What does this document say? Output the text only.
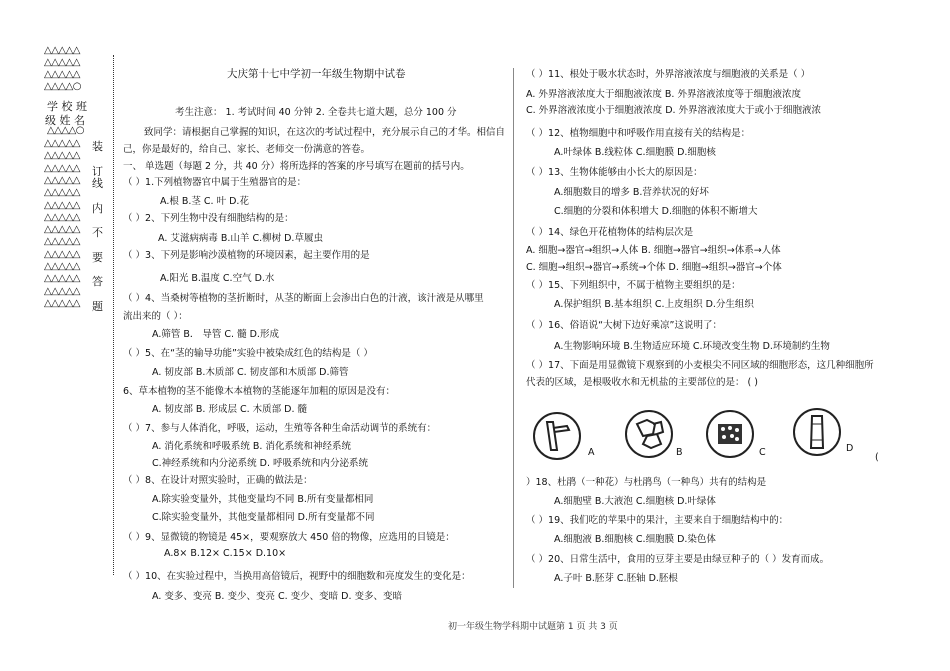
△△△△△
△△△△△
△△△△△
△△△△○
学 校 班
级 姓 名
△△△△○
△△△△△ 装
△△△△△
△△△△△ 订
△△△△△ 线
△△△△△
△△△△△ 内
△△△△△
△△△△△ 不
△△△△△
△△△△△ 要
△△△△△
△△△△△ 答
△△△△△
△△△△△ 题
大庆第十七中学初一年级生物期中试卷
考生注意： 1. 考试时间 40 分钟 2. 全卷共七道大题，总分 100 分
致同学：请根据自己掌握的知识，在这次的考试过程中，充分展示自己的才华。相信自
己，你是最好的，给自己、家长、老师交一份满意的答卷。
一、 单选题（每题 2 分，共 40 分）将所选择的答案的序号填写在题前的括号内。
（ ）1.下列植物器官中属于生殖器官的是：
A.根 B.茎 C. 叶 D.花
（ ）2、下列生物中没有细胞结构的是：
A. 艾滋病病毒 B.山羊 C.柳树 D.草履虫
（ ）3、下列是影响沙漠植物的环境因素，起主要作用的是
A.阳光 B.温度 C.空气 D.水
（ ）4、当桑树等植物的茎折断时，从茎的断面上会渗出白色的汁液，该汁液是从哪里
流出来的（ ）：
A.筛管 B． 导管 C. 髓 D.形成
（ ）5、在“茎的输导功能”实验中被染成红色的结构是（ ）
A. 韧皮部 B.木质部 C. 韧皮部和木质部 D.筛管
6、草本植物的茎不能像木本植物的茎能逐年加粗的原因是没有：
A. 韧皮部 B. 形成层 C. 木质部 D. 髓
（ ）7、参与人体消化，呼吸，运动，生殖等各种生命活动调节的系统有：
A. 消化系统和呼吸系统 B. 消化系统和神经系统
C.神经系统和内分泌系统 D. 呼吸系统和内分泌系统
（ ）8、在设计对照实验时，正确的做法是：
A.除实验变量外，其他变量均不同 B.所有变量都相同
C.除实验变量外，其他变量都相同 D.所有变量都不同
（ ）9、显微镜的物镜是 45×，要观察放大 450 倍的物像，应选用的目镜是：
A.8× B.12× C.15× D.10×
（ ）10、在实验过程中，当换用高倍镜后，视野中的细胞数和亮度发生的变化是：
A. 变多、变亮 B. 变少、变亮 C. 变少、变暗 D. 变多、变暗
（ ）11、根处于吸水状态时，外界溶液浓度与细胞液的关系是（ ）
A. 外界溶液浓度大于细胞液浓度 B. 外界溶液浓度等于细胞液浓度
C. 外界溶液浓度小于细胞液浓度 D. 外界溶液浓度大于或小于细胞液浓
（ ）12、植物细胞中和呼吸作用直接有关的结构是：
A.叶绿体 B.线粒体 C.细胞膜 D.细胞核
（ ）13、生物体能够由小长大的原因是：
A.细胞数目的增多 B.营养状况的好坏
C.细胞的分裂和体积增大 D.细胞的体积不断增大
（ ）14、绿色开花植物体的结构层次是
A. 细胞→器官→组织→人体 B. 细胞→器官→组织→体系→人体
C. 细胞→组织→器官→系统→个体 D. 细胞→组织→器官→个体
（ ）15、下列组织中，不属于植物主要组织的是：
A.保护组织 B.基本组织 C.上皮组织 D.分生组织
（ ）16、俗语说“大树下边好乘凉”这说明了：
A.生物影响环境 B.生物适应环境 C.环境改变生物 D.环境制约生物
（ ）17、下面是用显微镜下观察到的小麦根尖不同区域的细胞形态，这几种细胞所
代表的区域，是根吸收水和无机盐的主要部位的是： ( )
A	B	C	D
(
）18、杜鹃（一种花）与杜鹃鸟（一种鸟）共有的结构是
A.细胞壁 B.大液泡 C.细胞核 D.叶绿体
（ ）19、我们吃的苹果中的果汁，主要来自于细胞结构中的：
A.细胞液 B.细胞核 C.细胞膜 D.染色体
（ ）20、日常生活中，食用的豆芽主要是由绿豆种子的（ ）发育而成。
A.子叶 B.胚芽 C.胚轴 D.胚根
初一年级生物学科期中试题第 1 页 共 3 页
